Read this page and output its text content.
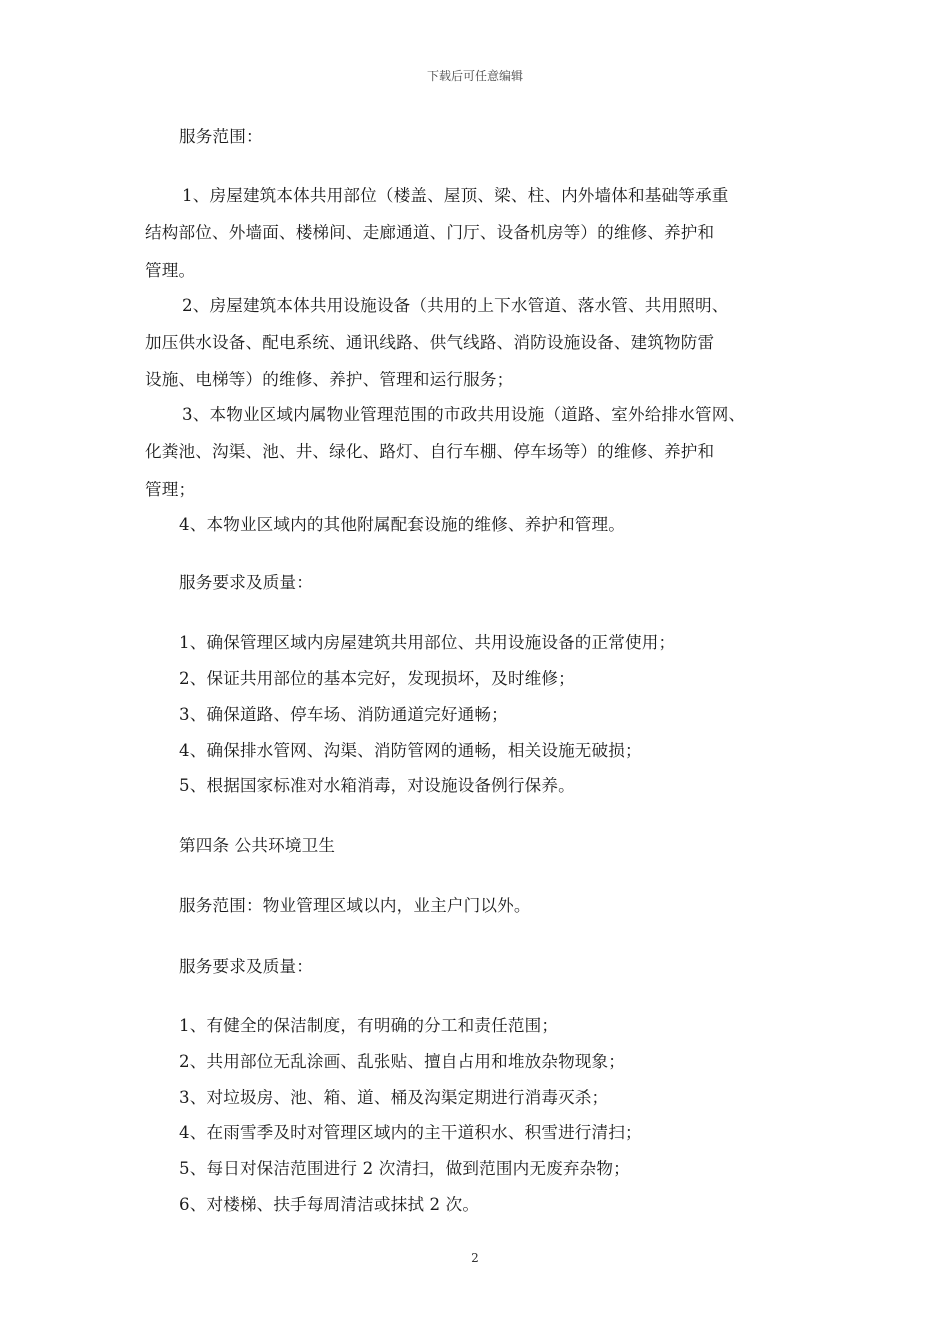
下载后可任意编辑
服务范围：
1、房屋建筑本体共用部位（楼盖、屋顶、梁、柱、内外墙体和基础等承重
结构部位、外墙面、楼梯间、走廊通道、门厅、设备机房等）的维修、养护和
管理。
2、房屋建筑本体共用设施设备（共用的上下水管道、落水管、共用照明、
加压供水设备、配电系统、通讯线路、供气线路、消防设施设备、建筑物防雷
设施、电梯等）的维修、养护、管理和运行服务；
3、本物业区域内属物业管理范围的市政共用设施（道路、室外给排水管网、
化粪池、沟渠、池、井、绿化、路灯、自行车棚、停车场等）的维修、养护和
管理；
4、本物业区域内的其他附属配套设施的维修、养护和管理。
服务要求及质量：
1、确保管理区域内房屋建筑共用部位、共用设施设备的正常使用；
2、保证共用部位的基本完好，发现损坏，及时维修；
3、确保道路、停车场、消防通道完好通畅；
4、确保排水管网、沟渠、消防管网的通畅，相关设施无破损；
5、根据国家标准对水箱消毒，对设施设备例行保养。
第四条 公共环境卫生
服务范围：物业管理区域以内，业主户门以外。
服务要求及质量：
1、有健全的保洁制度，有明确的分工和责任范围；
2、共用部位无乱涂画、乱张贴、擅自占用和堆放杂物现象；
3、对垃圾房、池、箱、道、桶及沟渠定期进行消毒灭杀；
4、在雨雪季及时对管理区域内的主干道积水、积雪进行清扫；
5、每日对保洁范围进行 2 次清扫，做到范围内无废弃杂物；
6、对楼梯、扶手每周清洁或抹拭 2 次。
2
